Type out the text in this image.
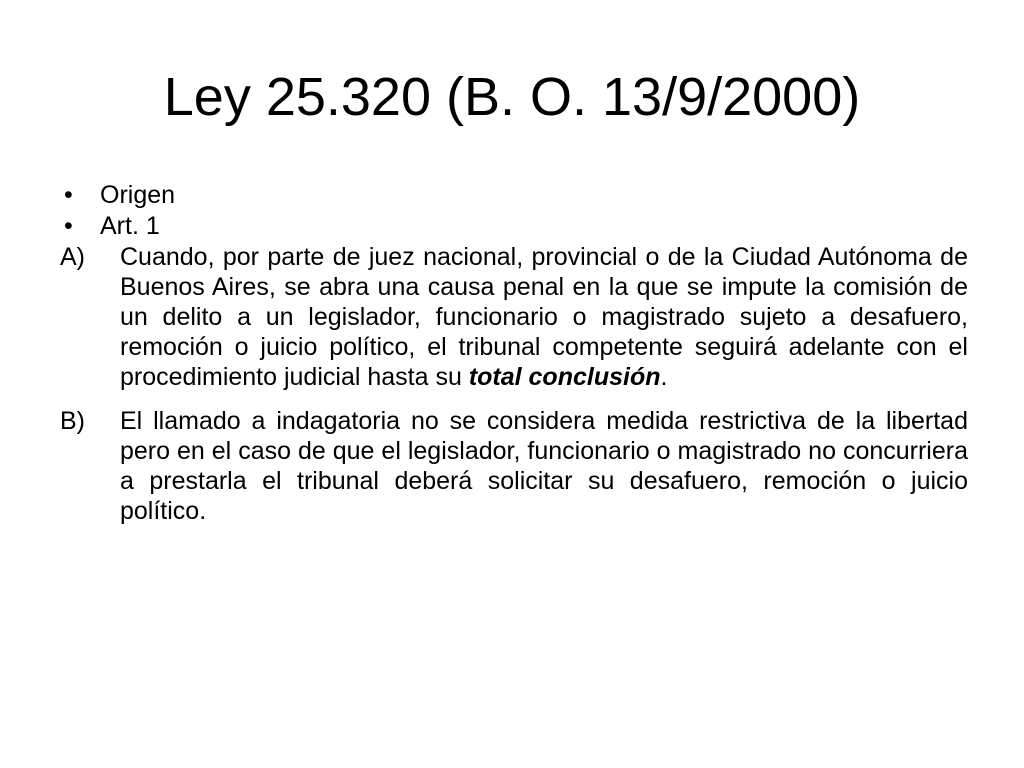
Ley 25.320 (B. O. 13/9/2000)
•	Origen
•	Art. 1
A)	Cuando, por parte de juez nacional, provincial o de la Ciudad Autónoma de Buenos Aires, se abra una causa penal en la que se impute la comisión de un delito a un legislador, funcionario o magistrado sujeto a desafuero, remoción o juicio político, el tribunal competente seguirá adelante con el procedimiento judicial hasta su total conclusión.
B)	El llamado a indagatoria no se considera medida restrictiva de la libertad pero en el caso de que el legislador, funcionario o magistrado no concurriera a prestarla el tribunal deberá solicitar su desafuero, remoción o juicio político.
